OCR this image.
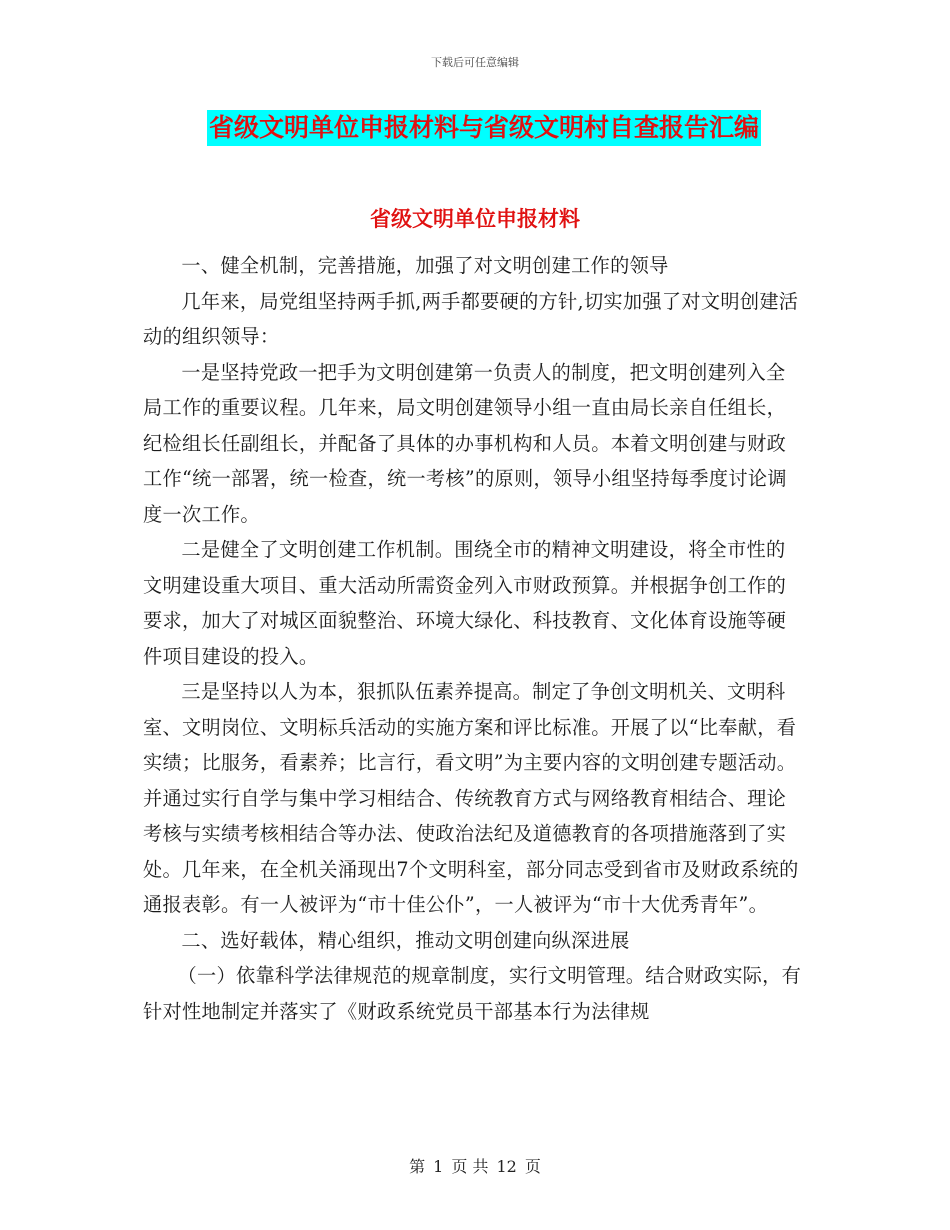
下载后可任意编辑
省级文明单位申报材料与省级文明村自查报告汇编
省级文明单位申报材料

一、健全机制，完善措施，加强了对文明创建工作的领导

几年来，局党组坚持两手抓,两手都要硬的方针,切实加强了对文明创建活动的组织领导：

一是坚持党政一把手为文明创建第一负责人的制度，把文明创建列入全局工作的重要议程。几年来，局文明创建领导小组一直由局长亲自任组长，纪检组长任副组长，并配备了具体的办事机构和人员。本着文明创建与财政工作“统一部署，统一检查，统一考核”的原则，领导小组坚持每季度讨论调度一次工作。

二是健全了文明创建工作机制。围绕全市的精神文明建设，将全市性的文明建设重大项目、重大活动所需资金列入市财政预算。并根据争创工作的要求，加大了对城区面貌整治、环境大绿化、科技教育、文化体育设施等硬件项目建设的投入。

三是坚持以人为本，狠抓队伍素养提高。制定了争创文明机关、文明科室、文明岗位、文明标兵活动的实施方案和评比标准。开展了以“比奉献，看实绩；比服务，看素养；比言行，看文明”为主要内容的文明创建专题活动。并通过实行自学与集中学习相结合、传统教育方式与网络教育相结合、理论考核与实绩考核相结合等办法、使政治法纪及道德教育的各项措施落到了实处。几年来，在全机关涌现出7个文明科室，部分同志受到省市及财政系统的通报表彰。有一人被评为“市十佳公仆”，一人被评为“市十大优秀青年”。

二、选好载体，精心组织，推动文明创建向纵深进展

（一）依靠科学法律规范的规章制度，实行文明管理。结合财政实际，有针对性地制定并落实了《财政系统党员干部基本行为法律规

第 1 页 共 12 页
